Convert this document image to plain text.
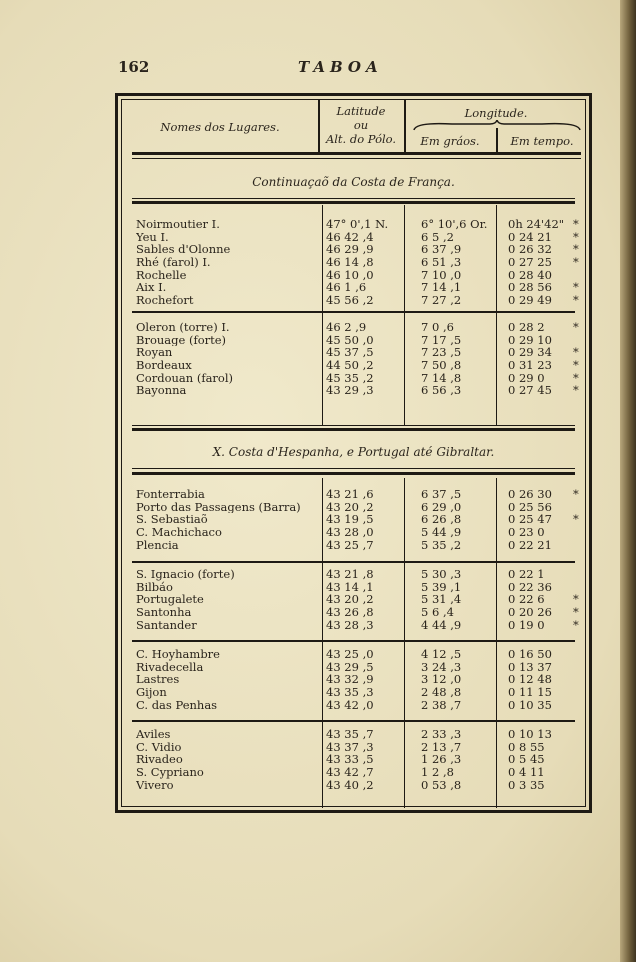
162	TABOA
Nomes dos Lugares.
Latitude
ou
Alt. do Pólo.
Longitude.
Em gráos.	Em tempo.
Continuaçaõ da Costa de França.
Noirmoutier I.	47° 0',1 N.	6° 10',6 Or. 0h 24'42" *
Yeu I.	46 42 ,4	6 5 ,2	0 24 21 *
Sables d'Olonne	46 29 ,9	6 37 ,9	0 26 32 *
Rhé (farol) I.	46 14 ,8	6 51 ,3	0 27 25 *
Rochelle	46 10 ,0	7 10 ,0	0 28 40
Aix I.	46 1 ,6	7 14 ,1	0 28 56 *
Rochefort	45 56 ,2	7 27 ,2	0 29 49 *
Oleron (torre) I.	46 2 ,9	7 0 ,6	0 28 2 *
Brouage (forte)	45 50 ,0	7 17 ,5	0 29 10
Royan	45 37 ,5	7 23 ,5	0 29 34 *
Bordeaux	44 50 ,2	7 50 ,8	0 31 23 *
Cordouan (farol)	45 35 ,2	7 14 ,8	0 29 0 *
Bayonna	43 29 ,3	6 56 ,3	0 27 45 *
X. Costa d'Hespanha, e Portugal até Gibraltar.
Fonterrabia	43 21 ,6	6 37 ,5	0 26 30 *
Porto das Passagens (Barra)	43 20 ,2	6 29 ,0	0 25 56
S. Sebastiaõ	43 19 ,5	6 26 ,8	0 25 47 *
C. Machichaco	43 28 ,0	5 44 ,9	0 23 0
Plencia	43 25 ,7	5 35 ,2	0 22 21
S. Ignacio (forte)	43 21 ,8	5 30 ,3	0 22 1
Bilbáo	43 14 ,1	5 39 ,1	0 22 36
Portugalete	43 20 ,2	5 31 ,4	0 22 6 *
Santonha	43 26 ,8	5 6 ,4	0 20 26 *
Santander	43 28 ,3	4 44 ,9	0 19 0 *
C. Hoyhambre	43 25 ,0	4 12 ,5	0 16 50
Rivadecella	43 29 ,5	3 24 ,3	0 13 37
Lastres	43 32 ,9	3 12 ,0	0 12 48
Gijon	43 35 ,3	2 48 ,8	0 11 15
C. das Penhas	43 42 ,0	2 38 ,7	0 10 35
Aviles	43 35 ,7	2 33 ,3	0 10 13
C. Vidio	43 37 ,3	2 13 ,7	0 8 55
Rivadeo	43 33 ,5	1 26 ,3	0 5 45
S. Cypriano	43 42 ,7	1 2 ,8	0 4 11
Vivero	43 40 ,2	0 53 ,8	0 3 35
